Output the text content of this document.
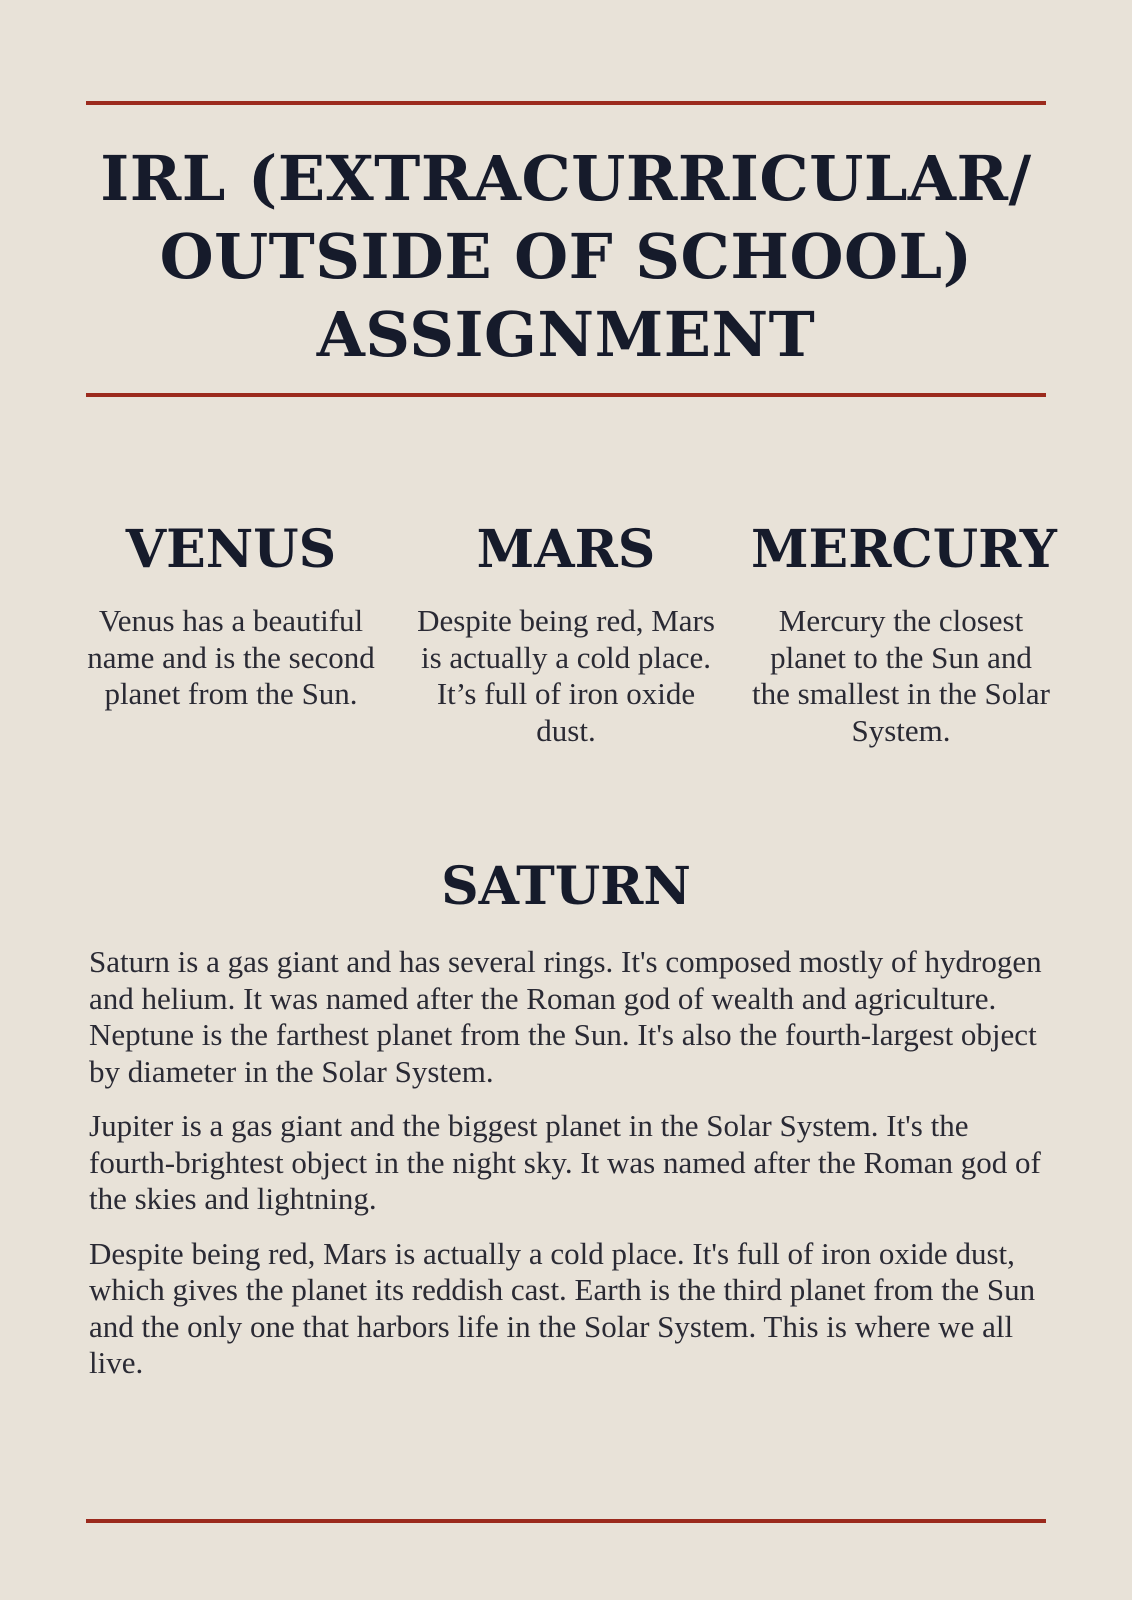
IRL (EXTRACURRICULAR/ OUTSIDE OF SCHOOL) ASSIGNMENT
VENUS

Venus has a beautiful name and is the second planet from the Sun.

MARS

Despite being red, Mars is actually a cold place. It’s full of iron oxide dust.

MERCURY

Mercury the closest planet to the Sun and the smallest in the Solar System.

SATURN

Saturn is a gas giant and has several rings. It's composed mostly of hydrogen and helium. It was named after the Roman god of wealth and agriculture. Neptune is the farthest planet from the Sun. It's also the fourth-largest object by diameter in the Solar System.

Jupiter is a gas giant and the biggest planet in the Solar System. It's the fourth-brightest object in the night sky. It was named after the Roman god of the skies and lightning.

Despite being red, Mars is actually a cold place. It's full of iron oxide dust, which gives the planet its reddish cast. Earth is the third planet from the Sun and the only one that harbors life in the Solar System. This is where we all live.
